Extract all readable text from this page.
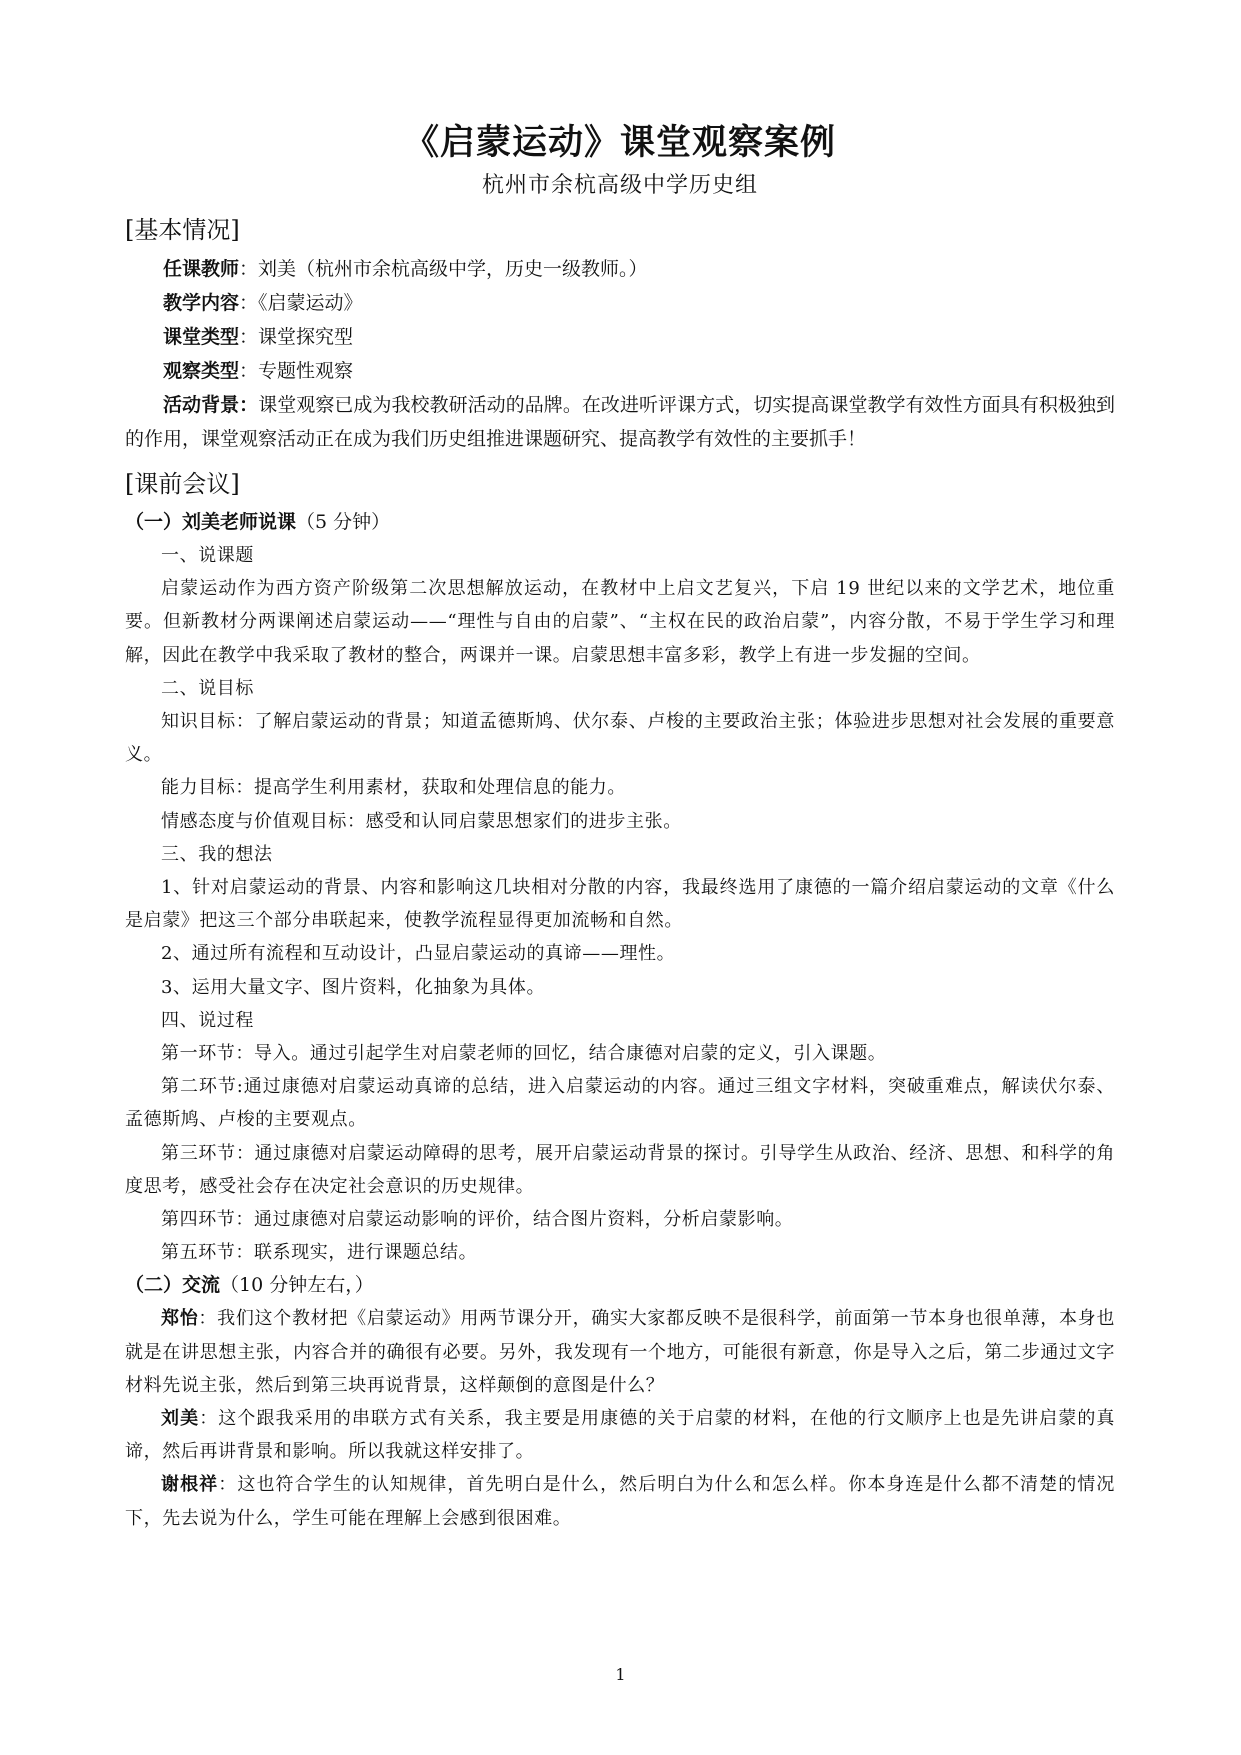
《启蒙运动》课堂观察案例

杭州市余杭高级中学历史组

[基本情况]

任课教师：刘美（杭州市余杭高级中学，历史一级教师。）

教学内容：《启蒙运动》

课堂类型：课堂探究型

观察类型：专题性观察

活动背景：课堂观察已成为我校教研活动的品牌。在改进听评课方式，切实提高课堂教学有效性方面具有积极独到的作用，课堂观察活动正在成为我们历史组推进课题研究、提高教学有效性的主要抓手！

[课前会议]

（一）刘美老师说课（5 分钟）

一、说课题

启蒙运动作为西方资产阶级第二次思想解放运动，在教材中上启文艺复兴，下启 19 世纪以来的文学艺术，地位重要。但新教材分两课阐述启蒙运动——“理性与自由的启蒙”、“主权在民的政治启蒙”，内容分散，不易于学生学习和理解，因此在教学中我采取了教材的整合，两课并一课。启蒙思想丰富多彩，教学上有进一步发掘的空间。

二、说目标

知识目标：了解启蒙运动的背景；知道孟德斯鸠、伏尔泰、卢梭的主要政治主张；体验进步思想对社会发展的重要意义。

能力目标：提高学生利用素材，获取和处理信息的能力。

情感态度与价值观目标：感受和认同启蒙思想家们的进步主张。

三、我的想法

1、针对启蒙运动的背景、内容和影响这几块相对分散的内容，我最终选用了康德的一篇介绍启蒙运动的文章《什么是启蒙》把这三个部分串联起来，使教学流程显得更加流畅和自然。

2、通过所有流程和互动设计，凸显启蒙运动的真谛——理性。

3、运用大量文字、图片资料，化抽象为具体。

四、说过程

第一环节：导入。通过引起学生对启蒙老师的回忆，结合康德对启蒙的定义，引入课题。

第二环节:通过康德对启蒙运动真谛的总结，进入启蒙运动的内容。通过三组文字材料，突破重难点，解读伏尔泰、孟德斯鸠、卢梭的主要观点。

第三环节：通过康德对启蒙运动障碍的思考，展开启蒙运动背景的探讨。引导学生从政治、经济、思想、和科学的角度思考，感受社会存在决定社会意识的历史规律。

第四环节：通过康德对启蒙运动影响的评价，结合图片资料，分析启蒙影响。

第五环节：联系现实，进行课题总结。

（二）交流（10 分钟左右，）

郑怡：我们这个教材把《启蒙运动》用两节课分开，确实大家都反映不是很科学，前面第一节本身也很单薄，本身也就是在讲思想主张，内容合并的确很有必要。另外，我发现有一个地方，可能很有新意，你是导入之后，第二步通过文字材料先说主张，然后到第三块再说背景，这样颠倒的意图是什么？

刘美：这个跟我采用的串联方式有关系，我主要是用康德的关于启蒙的材料，在他的行文顺序上也是先讲启蒙的真谛，然后再讲背景和影响。所以我就这样安排了。

谢根祥：这也符合学生的认知规律，首先明白是什么，然后明白为什么和怎么样。你本身连是什么都不清楚的情况下，先去说为什么，学生可能在理解上会感到很困难。

1
